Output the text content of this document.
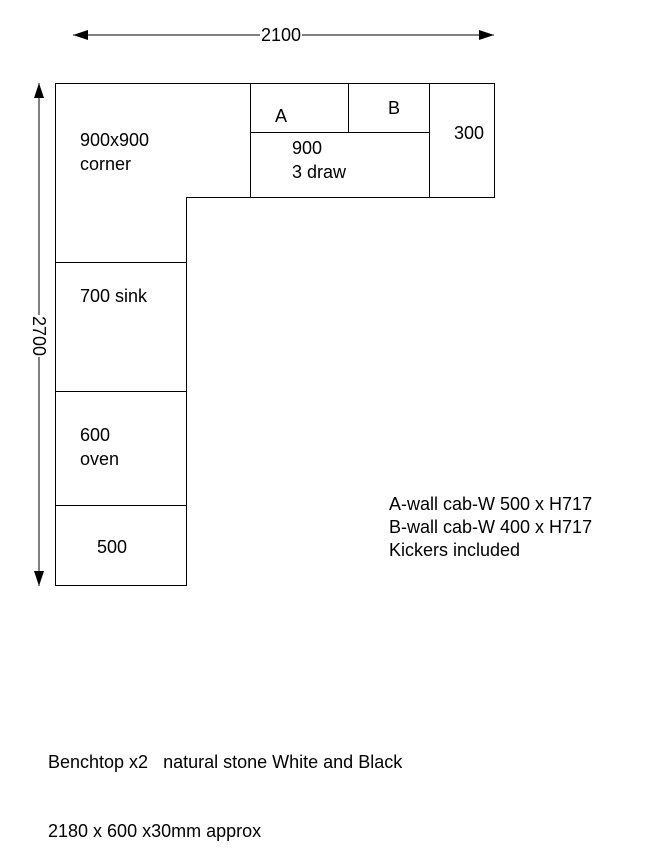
2100
2700
900x900
corner
A	B
900
3 draw
300
700 sink
600
oven
500
A-wall cab-W 500 x H717
B-wall cab-W 400 x H717
Kickers included

Benchtop x2   natural stone White and Black

2180 x 600 x30mm approx
